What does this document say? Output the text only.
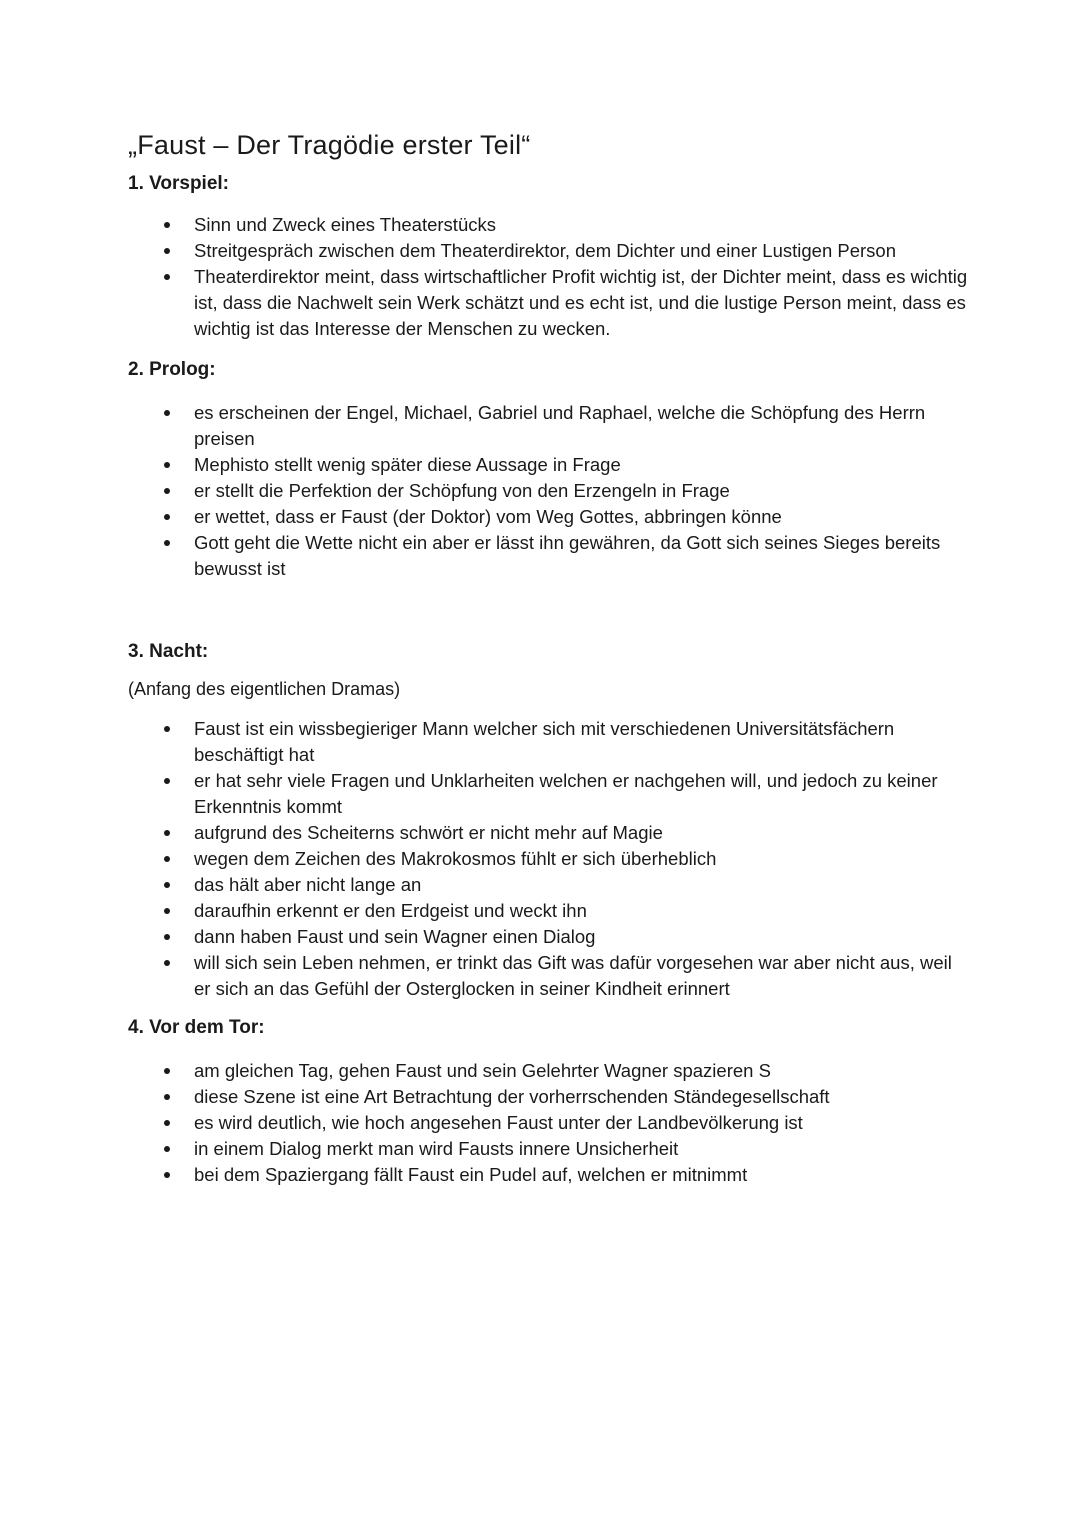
„Faust – Der Tragödie erster Teil“
1. Vorspiel:
Sinn und Zweck eines Theaterstücks
Streitgespräch zwischen dem Theaterdirektor, dem Dichter und einer Lustigen Person
Theaterdirektor meint, dass wirtschaftlicher Profit wichtig ist, der Dichter meint, dass es wichtig ist, dass die Nachwelt sein Werk schätzt und es echt ist, und die lustige Person meint, dass es wichtig ist das Interesse der Menschen zu wecken.
2. Prolog:
es erscheinen der Engel, Michael, Gabriel und Raphael, welche die Schöpfung des Herrn preisen
Mephisto stellt wenig später diese Aussage in Frage
er stellt die Perfektion der Schöpfung von den Erzengeln in Frage
er wettet, dass er Faust (der Doktor) vom Weg Gottes, abbringen könne
Gott geht die Wette nicht ein aber er lässt ihn gewähren, da Gott sich seines Sieges bereits bewusst ist
3. Nacht:

(Anfang des eigentlichen Dramas)

Faust ist ein wissbegieriger Mann welcher sich mit verschiedenen Universitätsfächern beschäftigt hat
er hat sehr viele Fragen und Unklarheiten welchen er nachgehen will, und jedoch zu keiner Erkenntnis kommt
aufgrund des Scheiterns schwört er nicht mehr auf Magie
wegen dem Zeichen des Makrokosmos fühlt er sich überheblich
das hält aber nicht lange an
daraufhin erkennt er den Erdgeist und weckt ihn
dann haben Faust und sein Wagner einen Dialog
will sich sein Leben nehmen, er trinkt das Gift was dafür vorgesehen war aber nicht aus, weil er sich an das Gefühl der Osterglocken in seiner Kindheit erinnert
4. Vor dem Tor:
am gleichen Tag, gehen Faust und sein Gelehrter Wagner spazieren S
diese Szene ist eine Art Betrachtung der vorherrschenden Ständegesellschaft
es wird deutlich, wie hoch angesehen Faust unter der Landbevölkerung ist
in einem Dialog merkt man wird Fausts innere Unsicherheit
bei dem Spaziergang fällt Faust ein Pudel auf, welchen er mitnimmt
